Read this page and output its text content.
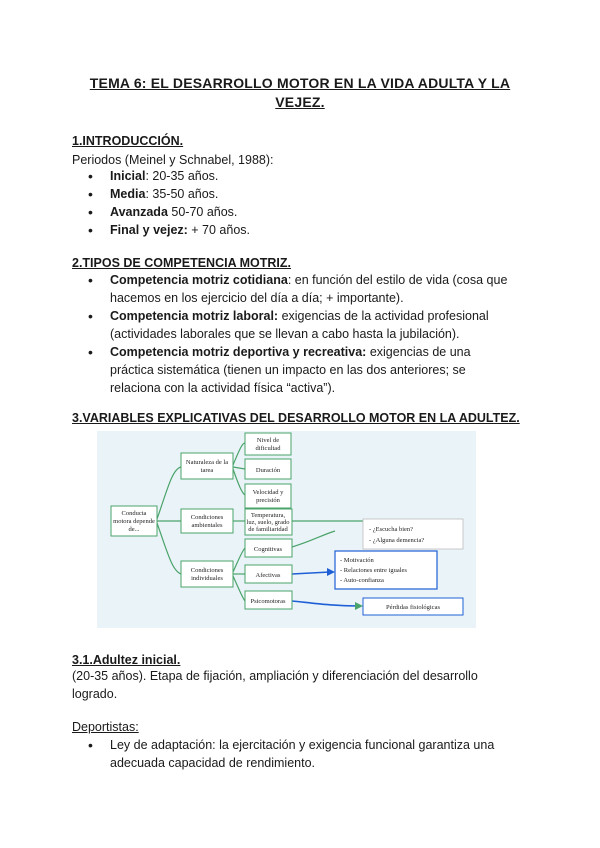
TEMA 6: EL DESARROLLO MOTOR EN LA VIDA ADULTA Y LA
VEJEZ.
1.INTRODUCCIÓN.
Periodos (Meinel y Schnabel, 1988):
• Inicial: 20-35 años.
• Media: 35-50 años.
• Avanzada 50-70 años.
• Final y vejez: + 70 años.
2.TIPOS DE COMPETENCIA MOTRIZ.
• Competencia motriz cotidiana: en función del estilo de vida (cosa que
hacemos en los ejercicio del día a día; + importante).
• Competencia motriz laboral: exigencias de la actividad profesional
(actividades laborales que se llevan a cabo hasta la jubilación).
• Competencia motriz deportiva y recreativa: exigencias de una
práctica sistemática (tienen un impacto en las dos anteriores; se
relaciona con la actividad física “activa”).
3.VARIABLES EXPLICATIVAS DEL DESARROLLO MOTOR EN LA ADULTEZ.
Conducta
motora depende
de...
Naturaleza de la
tarea
Condiciones
ambientales
Condiciones
individuales
Nivel de
dificultad
Duración
Velocidad y
precisión
Temperatura,
luz, suelo, grado
de familiaridad
Cognitivas
Afectivas
Psicomotoras
- ¿Escucha bien?
- ¿Alguna demencia?
- Motivación
- Relaciones entre iguales
- Auto-confianza
Pérdidas fisiológicas
3.1.Adultez inicial.
(20-35 años). Etapa de fijación, ampliación y diferenciación del desarrollo
logrado.
Deportistas:
• Ley de adaptación: la ejercitación y exigencia funcional garantiza una
adecuada capacidad de rendimiento.
